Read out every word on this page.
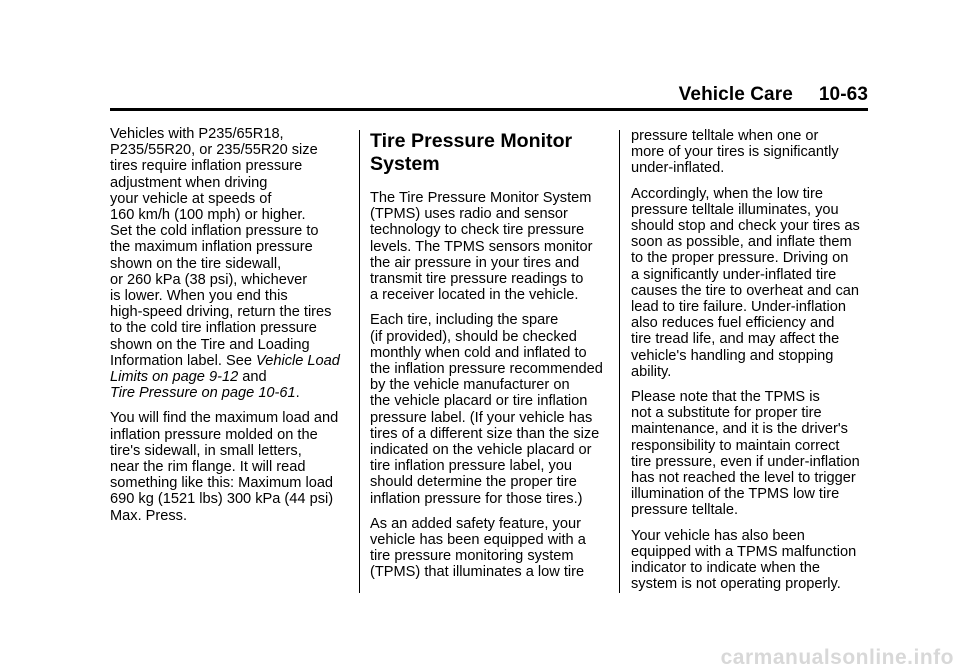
Vehicle Care 10-63

Vehicles with P235/65R18,
P235/55R20, or 235/55R20 size
tires require inflation pressure
adjustment when driving
your vehicle at speeds of
160 km/h (100 mph) or higher.
Set the cold inflation pressure to
the maximum inflation pressure
shown on the tire sidewall,
or 260 kPa (38 psi), whichever
is lower. When you end this
high-speed driving, return the tires
to the cold tire inflation pressure
shown on the Tire and Loading
Information label. See Vehicle Load Limits on page 9-12 and
Tire Pressure on page 10-61.

You will find the maximum load and
inflation pressure molded on the
tire's sidewall, in small letters,
near the rim flange. It will read
something like this: Maximum load
690 kg (1521 lbs) 300 kPa (44 psi)
Max. Press.

Tire Pressure Monitor
System

The Tire Pressure Monitor System
(TPMS) uses radio and sensor
technology to check tire pressure
levels. The TPMS sensors monitor
the air pressure in your tires and
transmit tire pressure readings to
a receiver located in the vehicle.

Each tire, including the spare
(if provided), should be checked
monthly when cold and inflated to
the inflation pressure recommended
by the vehicle manufacturer on
the vehicle placard or tire inflation
pressure label. (If your vehicle has
tires of a different size than the size
indicated on the vehicle placard or
tire inflation pressure label, you
should determine the proper tire
inflation pressure for those tires.)

As an added safety feature, your
vehicle has been equipped with a
tire pressure monitoring system
(TPMS) that illuminates a low tire

pressure telltale when one or
more of your tires is significantly
under-inflated.

Accordingly, when the low tire
pressure telltale illuminates, you
should stop and check your tires as
soon as possible, and inflate them
to the proper pressure. Driving on
a significantly under-inflated tire
causes the tire to overheat and can
lead to tire failure. Under-inflation
also reduces fuel efficiency and
tire tread life, and may affect the
vehicle's handling and stopping
ability.

Please note that the TPMS is
not a substitute for proper tire
maintenance, and it is the driver's
responsibility to maintain correct
tire pressure, even if under-inflation
has not reached the level to trigger
illumination of the TPMS low tire
pressure telltale.

Your vehicle has also been
equipped with a TPMS malfunction
indicator to indicate when the
system is not operating properly.

carmanualsonline.info
